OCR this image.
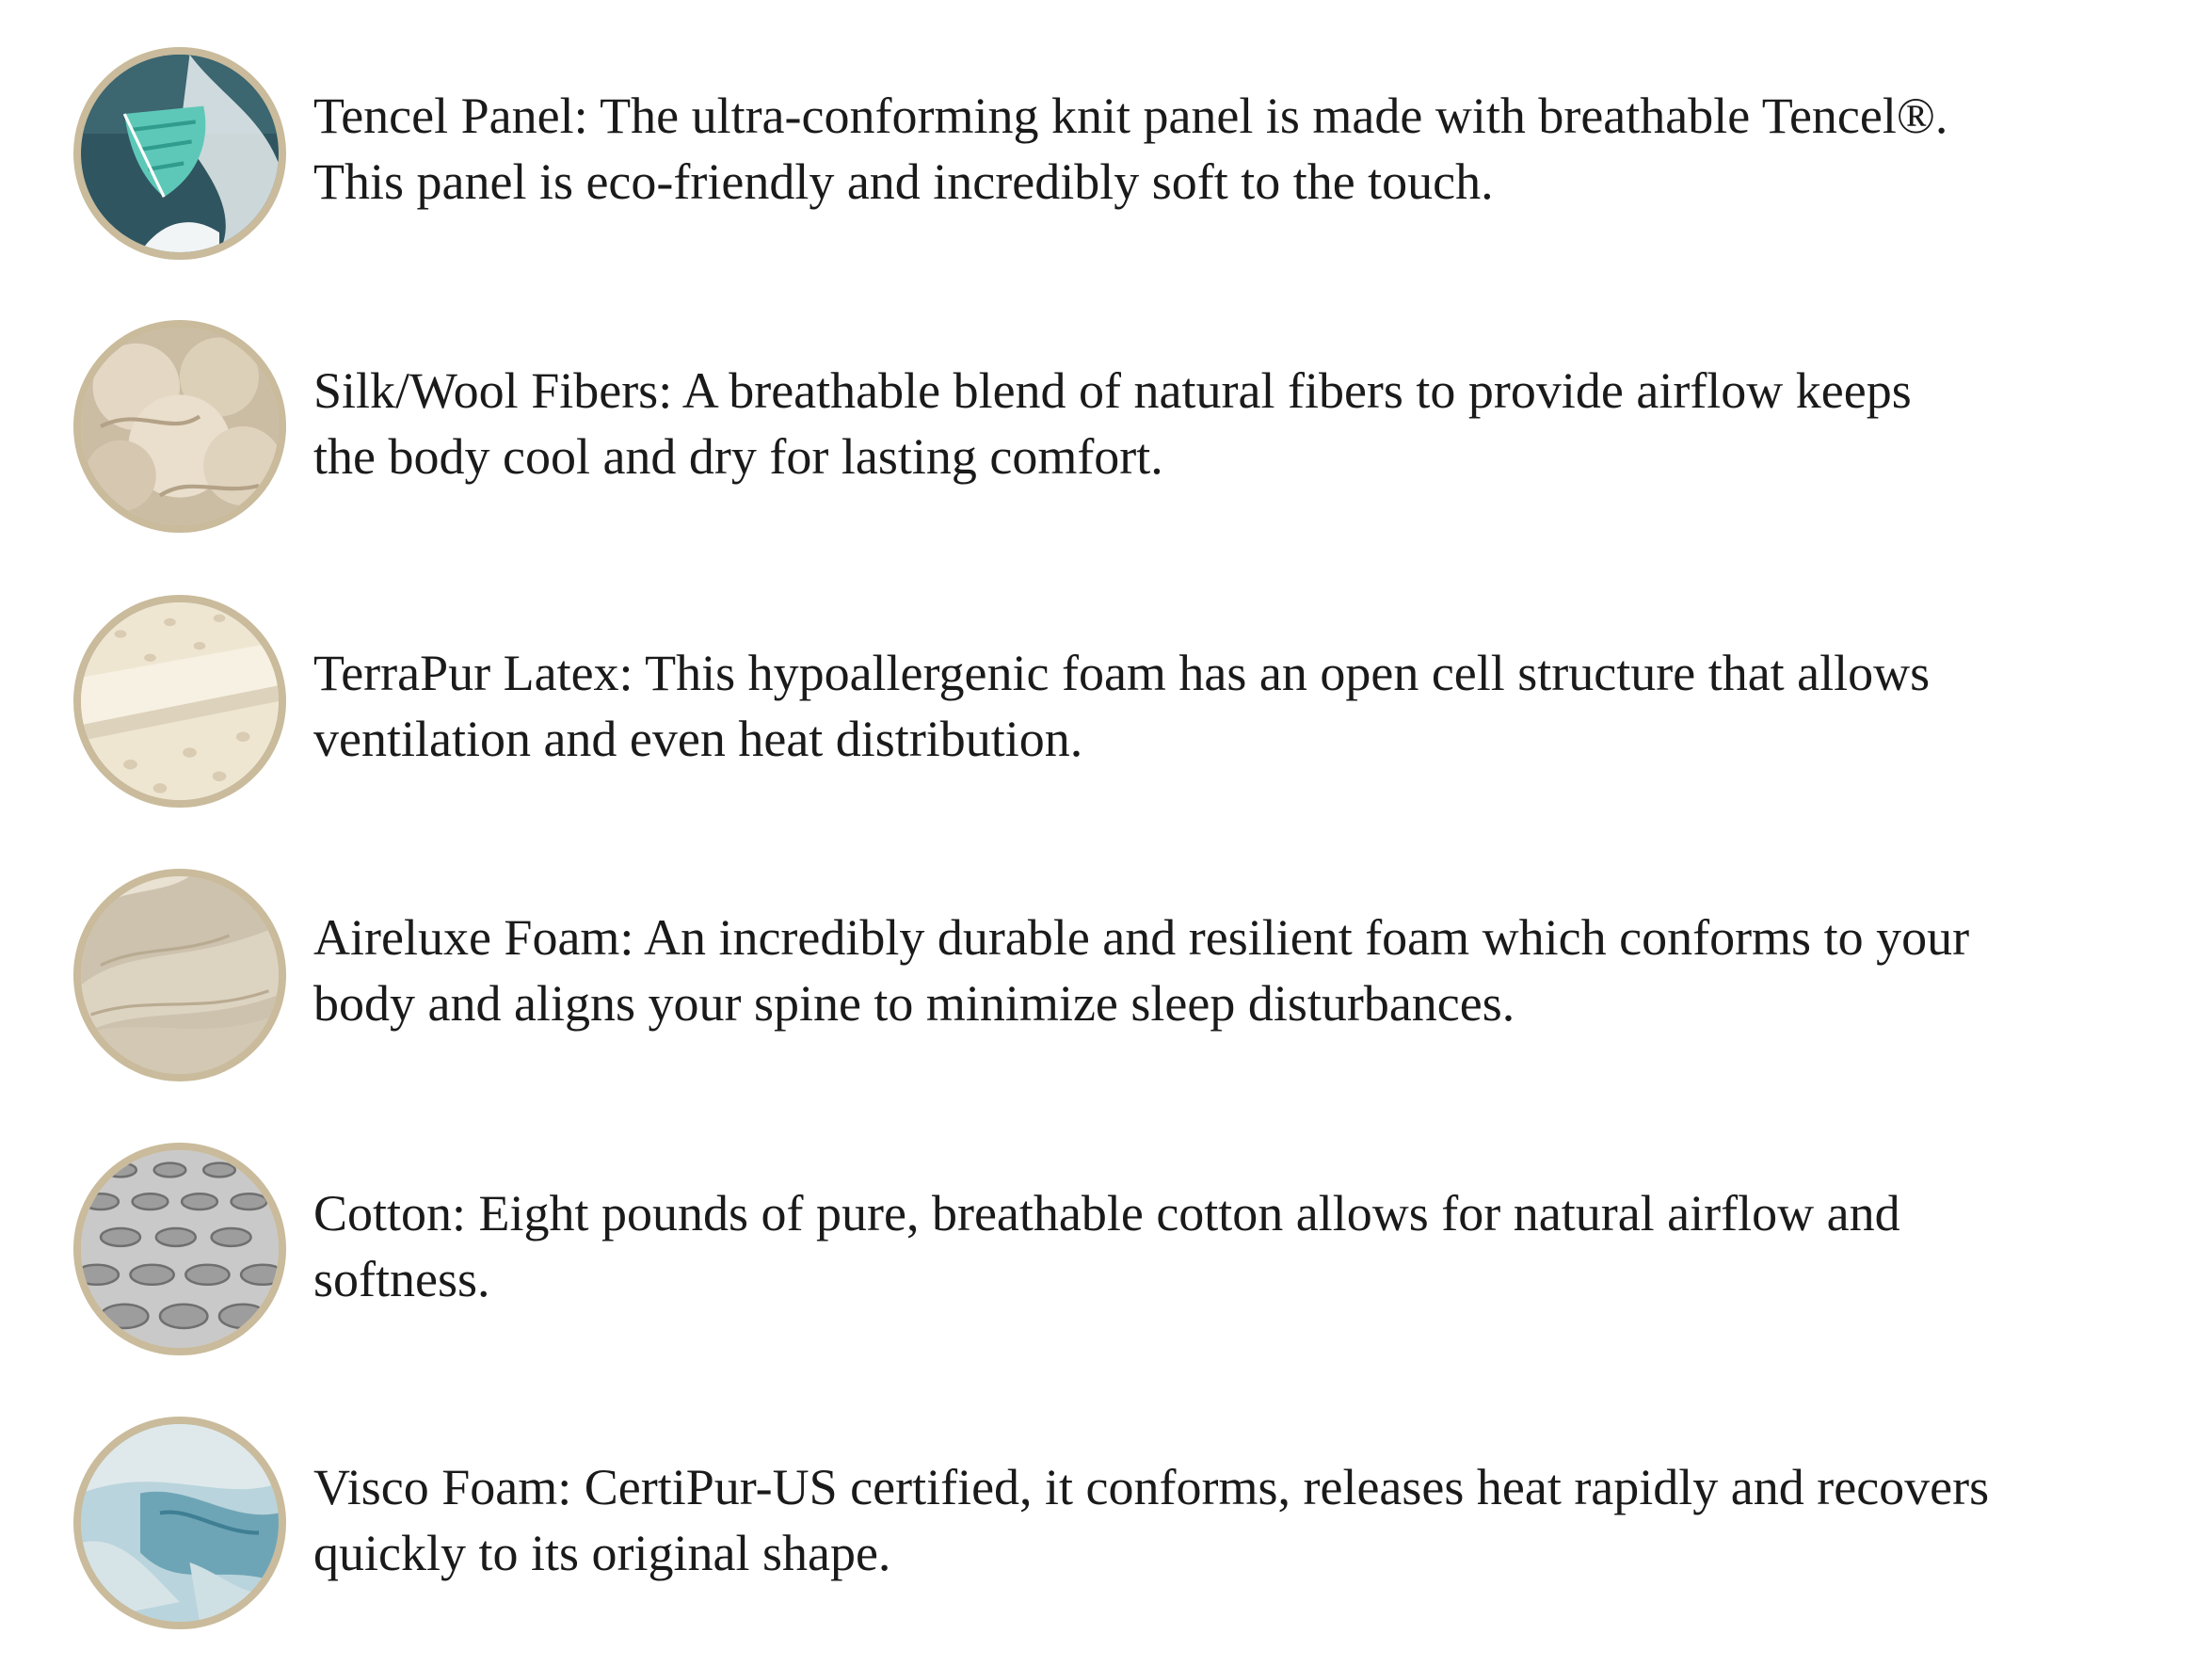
Tencel Panel: The ultra-conforming knit panel is made with breathable Tencel®.
This panel is eco-friendly and incredibly soft to the touch.

Silk/Wool Fibers: A breathable blend of natural fibers to provide airflow keeps
the body cool and dry for lasting comfort.

TerraPur Latex: This hypoallergenic foam has an open cell structure that allows
ventilation and even heat distribution.

Aireluxe Foam: An incredibly durable and resilient foam which conforms to your
body and aligns your spine to minimize sleep disturbances.

Cotton: Eight pounds of pure, breathable cotton allows for natural airflow and
softness.

Visco Foam: CertiPur-US certified, it conforms, releases heat rapidly and recovers
quickly to its original shape.
